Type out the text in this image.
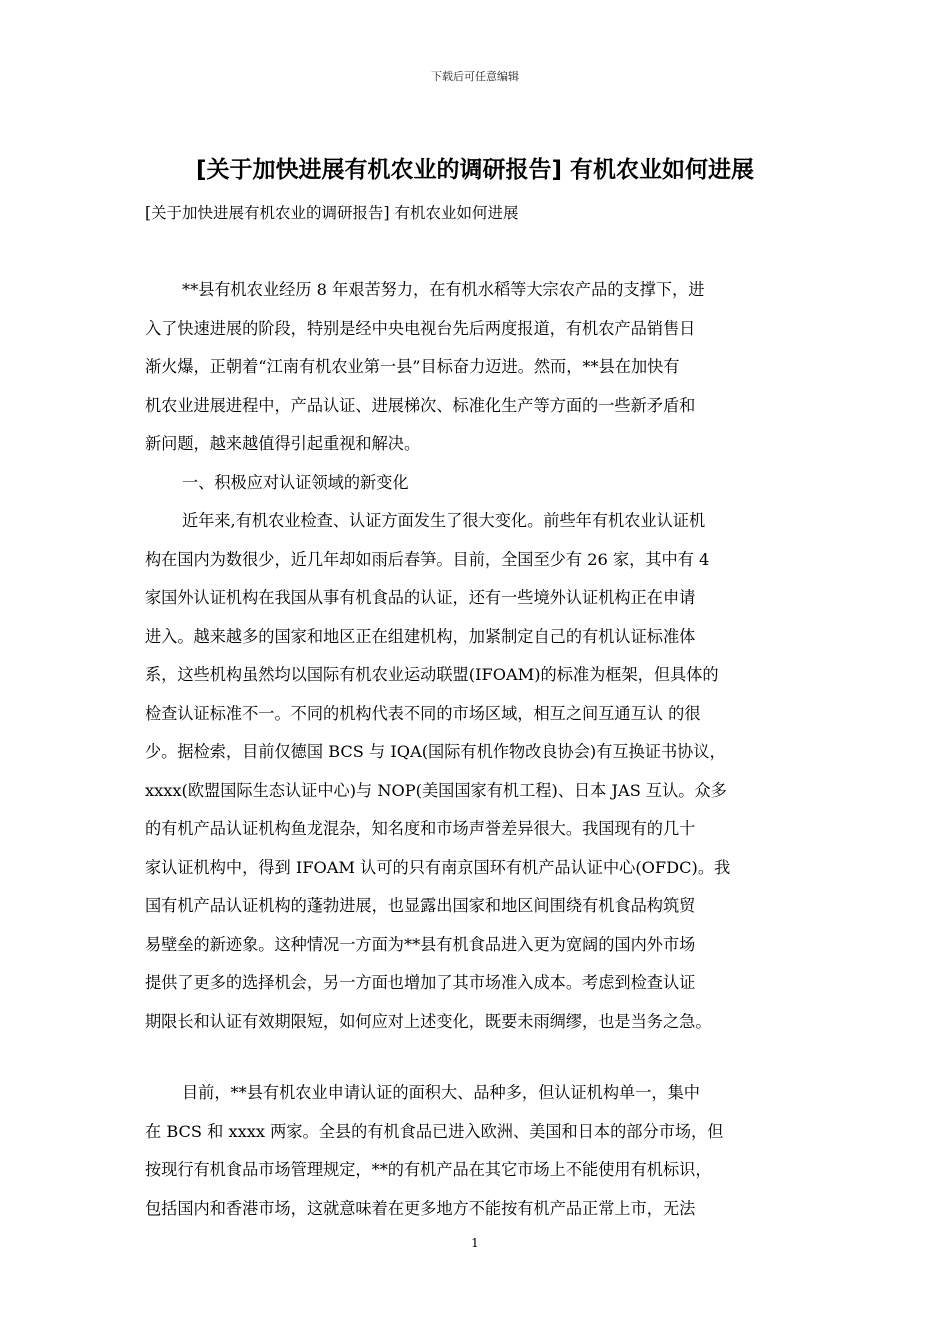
下载后可任意编辑
[关于加快进展有机农业的调研报告] 有机农业如何进展
[关于加快进展有机农业的调研报告] 有机农业如何进展
**县有机农业经历 8 年艰苦努力，在有机水稻等大宗农产品的支撑下，进
入了快速进展的阶段，特别是经中央电视台先后两度报道，有机农产品销售日
渐火爆，正朝着“江南有机农业第一县”目标奋力迈进。然而，**县在加快有
机农业进展进程中，产品认证、进展梯次、标准化生产等方面的一些新矛盾和
新问题，越来越值得引起重视和解决。
一、积极应对认证领域的新变化
近年来,有机农业检查、认证方面发生了很大变化。前些年有机农业认证机
构在国内为数很少，近几年却如雨后春笋。目前，全国至少有 26 家，其中有 4
家国外认证机构在我国从事有机食品的认证，还有一些境外认证机构正在申请
进入。越来越多的国家和地区正在组建机构，加紧制定自己的有机认证标准体
系，这些机构虽然均以国际有机农业运动联盟(IFOAM)的标准为框架，但具体的
检查认证标准不一。不同的机构代表不同的市场区域，相互之间互通互认 的很
少。据检索，目前仅德国 BCS 与 IQA(国际有机作物改良协会)有互换证书协议，
xxxx(欧盟国际生态认证中心)与 NOP(美国国家有机工程)、日本 JAS 互认。众多
的有机产品认证机构鱼龙混杂，知名度和市场声誉差异很大。我国现有的几十
家认证机构中，得到 IFOAM 认可的只有南京国环有机产品认证中心(OFDC)。我
国有机产品认证机构的蓬勃进展，也显露出国家和地区间围绕有机食品构筑贸
易壁垒的新迹象。这种情况一方面为**县有机食品进入更为宽阔的国内外市场
提供了更多的选择机会，另一方面也增加了其市场准入成本。考虑到检查认证
期限长和认证有效期限短，如何应对上述变化，既要未雨绸缪，也是当务之急。
目前，**县有机农业申请认证的面积大、品种多，但认证机构单一，集中
在 BCS 和 xxxx 两家。全县的有机食品已进入欧洲、美国和日本的部分市场，但
按现行有机食品市场管理规定，**的有机产品在其它市场上不能使用有机标识，
包括国内和香港市场，这就意味着在更多地方不能按有机产品正常上市，无法
1
